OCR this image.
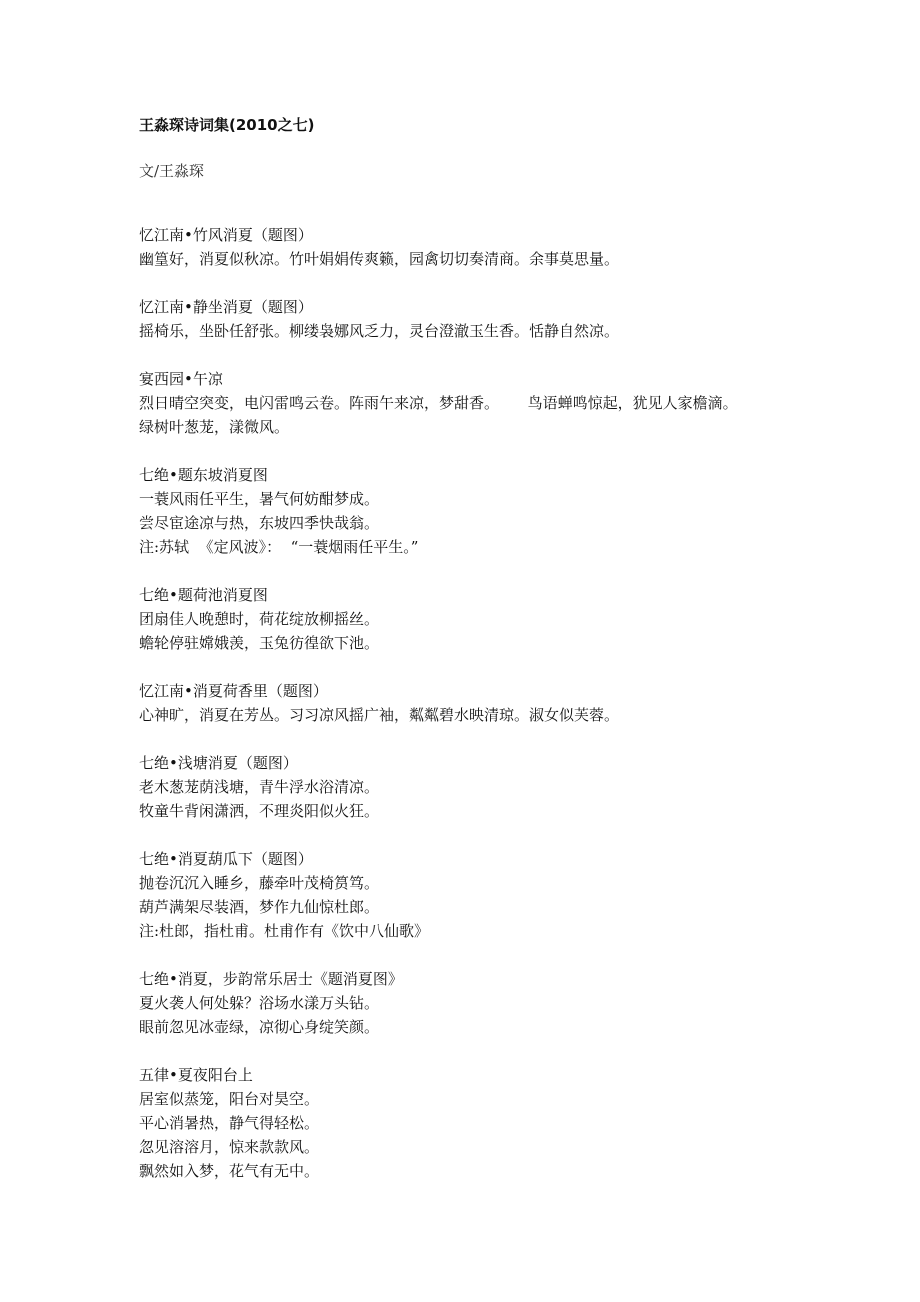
王淼琛诗词集(2010之七)
文/王淼琛
忆江南•竹风消夏（题图）
幽篁好，消夏似秋凉。竹叶娟娟传爽籁，园禽切切奏清商。余事莫思量。
忆江南•静坐消夏（题图）
摇椅乐，坐卧任舒张。柳缕袅娜风乏力，灵台澄澈玉生香。恬静自然凉。
宴西园•午凉
烈日晴空突变，电闪雷鸣云卷。阵雨午来凉，梦甜香。      鸟语蝉鸣惊起，犹见人家檐滴。
绿树叶葱茏，漾微风。
七绝•题东坡消夏图
一蓑风雨任平生，暑气何妨酣梦成。
尝尽宦途凉与热，东坡四季快哉翁。
注:苏轼  《定风波》：  “一蓑烟雨任平生。”
七绝•题荷池消夏图
团扇佳人晚憩时，荷花绽放柳摇丝。
蟾轮停驻嫦娥羡，玉兔彷徨欲下池。
忆江南•消夏荷香里（题图）
心神旷，消夏在芳丛。习习凉风摇广袖，粼粼碧水映清琼。淑女似芙蓉。
七绝•浅塘消夏（题图）
老木葱茏荫浅塘，青牛浮水浴清凉。
牧童牛背闲潇洒，不理炎阳似火狂。
七绝•消夏葫瓜下（题图）
抛卷沉沉入睡乡，藤牵叶茂椅筼笃。
葫芦满架尽装酒，梦作九仙惊杜郎。
注:杜郎，指杜甫。杜甫作有《饮中八仙歌》
七绝•消夏，步韵常乐居士《题消夏图》
夏火袭人何处躲？浴场水漾万头钻。
眼前忽见冰壶绿，凉彻心身绽笑颜。
五律•夏夜阳台上
居室似蒸笼，阳台对昊空。
平心消暑热，静气得轻松。
忽见溶溶月，惊来款款风。
飘然如入梦，花气有无中。
